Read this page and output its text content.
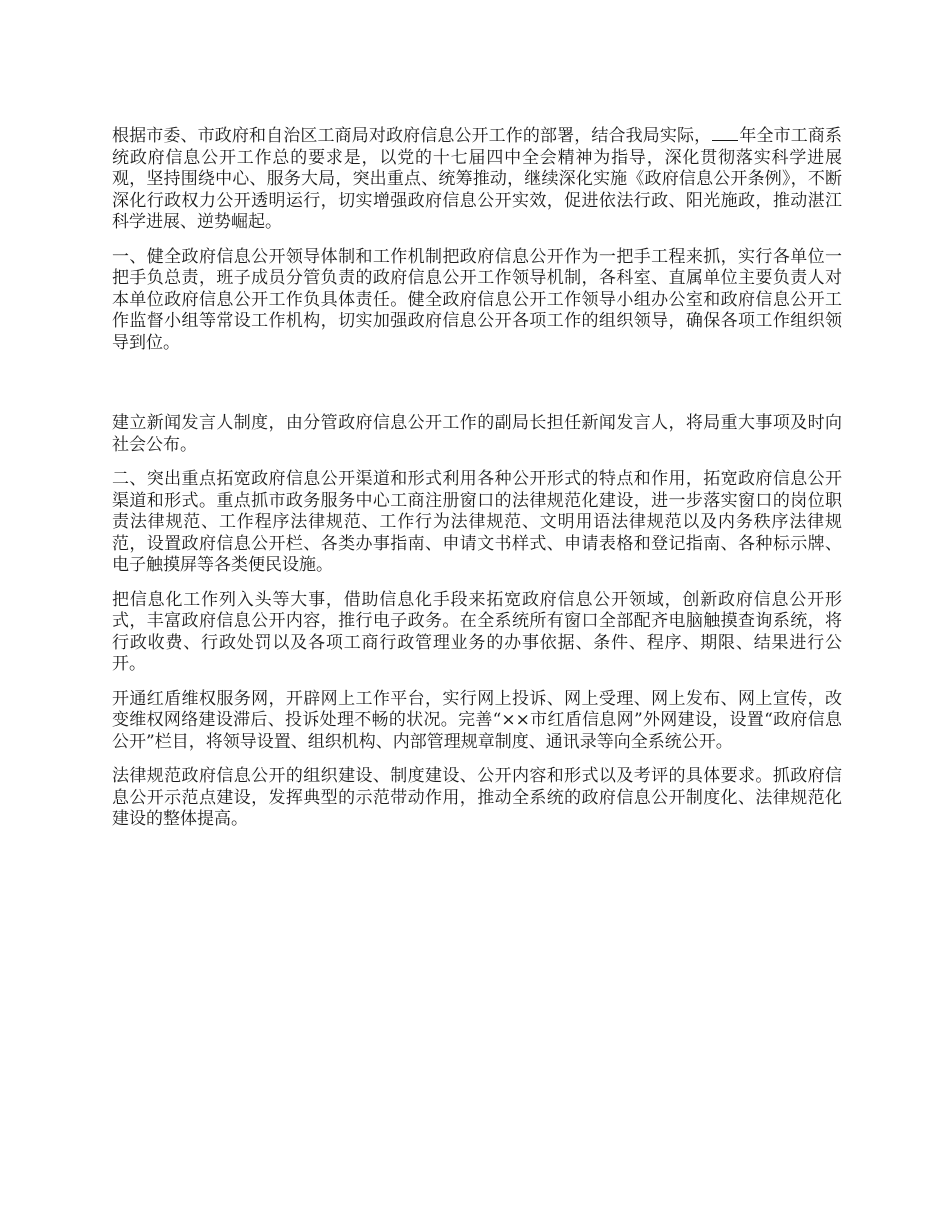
根据市委、市政府和自治区工商局对政府信息公开工作的部署，结合我局实际， 年全市工商系统政府信息公开工作总的要求是，以党的十七届四中全会精神为指导，深化贯彻落实科学进展观，坚持围绕中心、服务大局，突出重点、统筹推动，继续深化实施《政府信息公开条例》，不断深化行政权力公开透明运行，切实增强政府信息公开实效，促进依法行政、阳光施政，推动湛江科学进展、逆势崛起。

一、健全政府信息公开领导体制和工作机制把政府信息公开作为一把手工程来抓，实行各单位一把手负总责，班子成员分管负责的政府信息公开工作领导机制，各科室、直属单位主要负责人对本单位政府信息公开工作负具体责任。健全政府信息公开工作领导小组办公室和政府信息公开工作监督小组等常设工作机构，切实加强政府信息公开各项工作的组织领导，确保各项工作组织领导到位。

建立新闻发言人制度，由分管政府信息公开工作的副局长担任新闻发言人，将局重大事项及时向社会公布。

二、突出重点拓宽政府信息公开渠道和形式利用各种公开形式的特点和作用，拓宽政府信息公开渠道和形式。重点抓市政务服务中心工商注册窗口的法律规范化建设，进一步落实窗口的岗位职责法律规范、工作程序法律规范、工作行为法律规范、文明用语法律规范以及内务秩序法律规范，设置政府信息公开栏、各类办事指南、申请文书样式、申请表格和登记指南、各种标示牌、电子触摸屏等各类便民设施。

把信息化工作列入头等大事，借助信息化手段来拓宽政府信息公开领域，创新政府信息公开形式，丰富政府信息公开内容，推行电子政务。在全系统所有窗口全部配齐电脑触摸查询系统，将行政收费、行政处罚以及各项工商行政管理业务的办事依据、条件、程序、期限、结果进行公开。

开通红盾维权服务网，开辟网上工作平台，实行网上投诉、网上受理、网上发布、网上宣传，改变维权网络建设滞后、投诉处理不畅的状况。完善“××市红盾信息网”外网建设，设置“政府信息公开”栏目，将领导设置、组织机构、内部管理规章制度、通讯录等向全系统公开。

法律规范政府信息公开的组织建设、制度建设、公开内容和形式以及考评的具体要求。抓政府信息公开示范点建设，发挥典型的示范带动作用，推动全系统的政府信息公开制度化、法律规范化建设的整体提高。
